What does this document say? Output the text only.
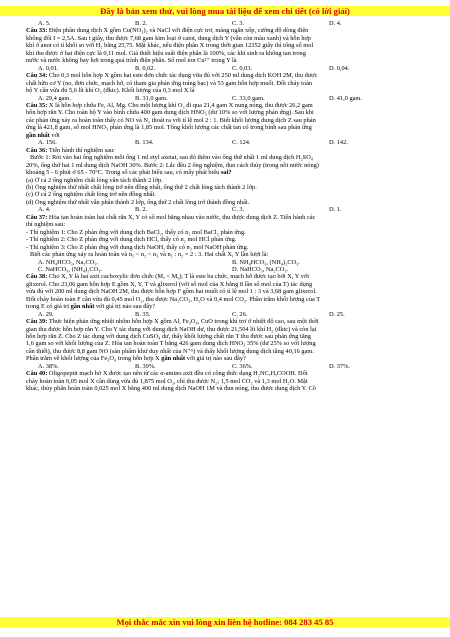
Đây là bản xem thử, vui lòng mua tài liệu để xem chi tiết (có lời giải)
A. 5.	B. 2.	C. 3.	D. 4.
Câu 33: Điện phân dung dịch X gồm Cu(NO₃)₂ và NaCl với điện cực trơ, màng ngăn xốp, cường độ dòng điện
không đổi I = 2,5A. Sau t giây, thu được 7,68 gam kim loại ở catot, dung dịch Y (vẫn còn màu xanh) và hỗn hợp
khí ở anot có tỉ khối so với H₂ bằng 25,75. Mặt khác, nếu điện phân X trong thời gian 12352 giây thì tổng số mol
khí thu được ở hai điện cực là 0,11 mol. Giả thiết hiệu suất điện phân là 100%, các khí sinh ra không tan trong
nước và nước không bay hơi trong quá trình điện phân. Số mol ion Cu²⁺ trong Y là
A. 0,01.	B. 0,02.	C. 0,03.	D. 0,04.
Câu 34: Cho 0,3 mol hỗn hợp X gồm hai este đơn chức tác dụng vừa đủ với 250 ml dung dịch KOH 2M, thu được
chất hữu cơ Y (no, đơn chức, mạch hở, có tham gia phản ứng tráng bạc) và 53 gam hỗn hợp muối. Đốt cháy toàn
bộ Y cần vừa đủ 5,6 lít khí O₂ (đktc). Khối lượng của 0,3 mol X là
A. 29,4 gam.	B. 31,0 gam.	C. 33,0 gam.	D. 41,0 gam.
Câu 35: X là hỗn hợp chứa Fe, Al, Mg. Cho một lượng khí O₂ đi qua 21,4 gam X nung nóng, thu được 26,2 gam
hỗn hợp rắn Y. Cho toàn bộ Y vào bình chứa 400 gam dung dịch HNO₃ (dư 10% so với lượng phản ứng). Sau khi
các phản ứng xảy ra hoàn toàn thấy có NO và N₂ thoát ra với tỉ lệ mol 2 : 1. Biết khối lượng dung dịch Z sau phản
ứng là 421,8 gam, số mol HNO₃ phản ứng là 1,85 mol. Tổng khối lượng các chất tan có trong bình sau phản ứng
gần nhất với
A. 156.	B. 134.	C. 124.	D. 142.
Câu 36: Tiến hành thí nghiệm sau:
Bước 1: Rót vào hai ống nghiệm mỗi ống 1 ml etyl axetat, sau đó thêm vào ống thứ nhất 1 ml dung dịch H₂SO₄
20%, ống thứ hai 1 ml dung dịch NaOH 30%. Bước 2: Lắc đều 2 ống nghiệm, đun cách thủy (trong nồi nước nóng)
khoảng 5 - 6 phút ở 65 - 70°C. Trong số các phát biểu sau, có mấy phát biểu sai?
(a) Ở cả 2 ống nghiệm chất lỏng vẫn tách thành 2 lớp.
(b) Ống nghiệm thứ nhất chất lỏng trở nên đồng nhất, ống thứ 2 chất lỏng tách thành 2 lớp.
(c) Ở cả 2 ống nghiệm chất lỏng trở nên đồng nhất.
(d) Ống nghiệm thứ nhất vẫn phân thành 2 lớp, ống thứ 2 chất lỏng trở thành đồng nhất.
A. 4.	B. 2.	C. 3.	D. 1.
Câu 37: Hòa tan hoàn toàn hai chất rắn X, Y có số mol bằng nhau vào nước, thu được dung dịch Z. Tiến hành các
thí nghiệm sau:
- Thí nghiệm 1: Cho Z phản ứng với dung dịch BaCl₂, thấy có n₁ mol BaCl₂ phản ứng.
- Thí nghiệm 2: Cho Z phản ứng với dung dịch HCl, thấy có n₂ mol HCl phản ứng.
- Thí nghiệm 3: Cho Z phản ứng với dung dịch NaOH, thấy có n₃ mol NaOH phản ứng.
Biết các phản ứng xảy ra hoàn toàn và n₁ < n₂ < n₃ và n₁ : n₂ = 2 : 3. Hai chất X, Y lần lượt là:
A. NH₄HCO₃, Na₂CO₃.	B. NH₄HCO₃, (NH₄)₂CO₃.
C. NaHCO₃, (NH₄)₂CO₃.	D. NaHCO₃, Na₂CO₃.
Câu 38: Cho X, Y là hai axit cacboxylic đơn chức (Mₓ < Mᵧ); T là este ba chức, mạch hở được tạo bởi X, Y với
glixerol. Cho 23,06 gam hỗn hợp E gồm X, Y, T và glixerol (với số mol của X bằng 8 lần số mol của T) tác dụng
vừa đủ với 200 ml dung dịch NaOH 2M, thu được hỗn hợp F gồm hai muối có tỉ lệ mol 1 : 3 và 3,68 gam glixerol.
Đốt cháy hoàn toàn F cần vừa đủ 0,45 mol O₂, thu được Na₂CO₃, H₂O và 0,4 mol CO₂. Phần trăm khối lượng của T
trong E có giá trị gần nhất với giá trị nào sau đây?
A. 29.	B. 35.	C. 26.	D. 25.
Câu 39: Thực hiện phản ứng nhiệt nhôm hỗn hợp X gồm Al, Fe₃O₄, CuO trong khí trơ ở nhiệt độ cao, sau một thời
gian thu được hỗn hợp rắn Y. Cho Y tác dụng với dung dịch NaOH dư, thu được 21,504 lít khí H₂ (đktc) và còn lại
hỗn hợp rắn Z. Cho Z tác dụng với dung dịch CuSO₄ dư, thấy khối lượng chất rắn T thu được sau phản ứng tăng
1,6 gam so với khối lượng của Z. Hòa tan hoàn toàn T bằng 426 gam dung dịch HNO₃ 35% (dư 25% so với lượng
cần thiết), thu được 8,8 gam NO (sản phẩm khử duy nhất của N⁺⁵) và thấy khối lượng dung dịch tăng 40,16 gam.
Phần trăm về khối lượng của Fe₃O₄ trong hỗn hợp X gần nhất với giá trị nào sau đây?
A. 38%.	B. 39%.	C. 36%.	D. 37%.
Câu 40: Oligopeptit mạch hở X được tạo nên từ các α-amino axit đều có công thức dạng H₂NCₓHᵧCOOH. Đốt
cháy hoàn toàn 0,05 mol X cần dùng vừa đủ 1,875 mol O₂, chỉ thu được N₂; 1,5 mol CO₂ và 1,3 mol H₂O. Mặt
khác, thủy phân hoàn toàn 0,025 mol X bằng 400 ml dung dịch NaOH 1M và đun nóng, thu được dung dịch Y. Cô
Mọi thắc mắc xin vui lòng xin liên hệ hotline: 084 283 45 85
